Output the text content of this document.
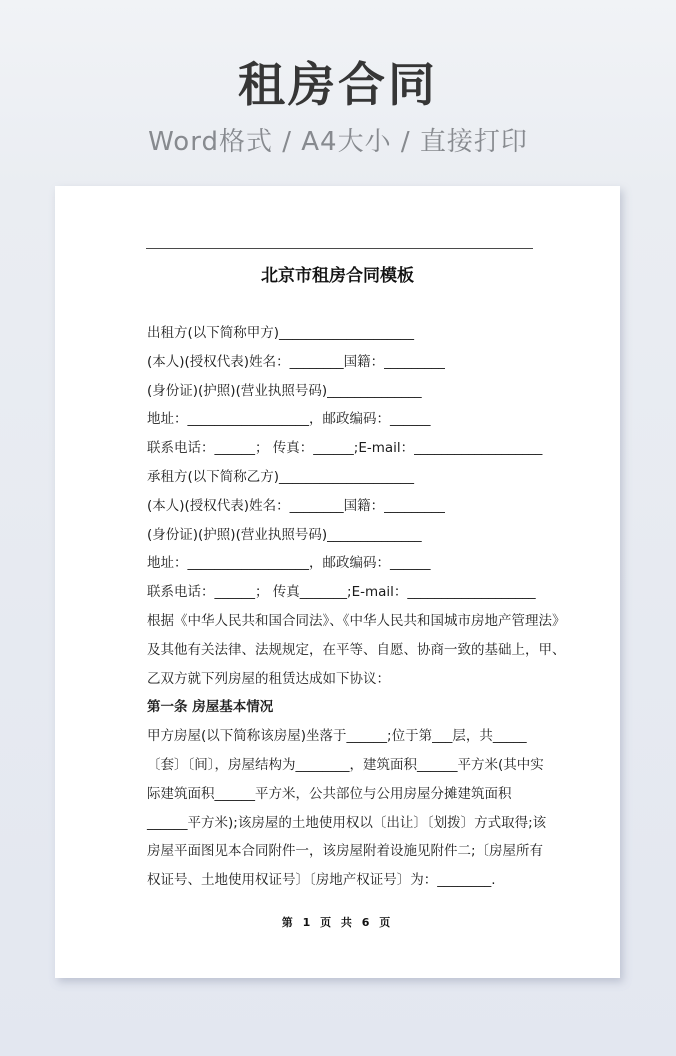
租房合同
Word格式 / A4大小 / 直接打印
北京市租房合同模板
出租方(以下简称甲方)____________________
(本人)(授权代表)姓名：________国籍：_________
(身份证)(护照)(营业执照号码)______________
地址：__________________，邮政编码：______
联系电话：______； 传真：______;E-mail：___________________
承租方(以下简称乙方)____________________
(本人)(授权代表)姓名：________国籍：_________
(身份证)(护照)(营业执照号码)______________
地址：__________________，邮政编码：______
联系电话：______； 传真_______;E-mail：___________________
根据《中华人民共和国合同法》、《中华人民共和国城市房地产管理法》
及其他有关法律、法规规定，在平等、自愿、协商一致的基础上，甲、
乙双方就下列房屋的租赁达成如下协议：
第一条 房屋基本情况
甲方房屋(以下简称该房屋)坐落于______;位于第___层，共_____
〔套〕〔间〕，房屋结构为________，建筑面积______平方米(其中实
际建筑面积______平方米，公共部位与公用房屋分摊建筑面积
______平方米);该房屋的土地使用权以〔出让〕〔划拨〕方式取得;该
房屋平面图见本合同附件一，该房屋附着设施见附件二;〔房屋所有
权证号、土地使用权证号〕〔房地产权证号〕为：________.
第 1 页 共 6 页
